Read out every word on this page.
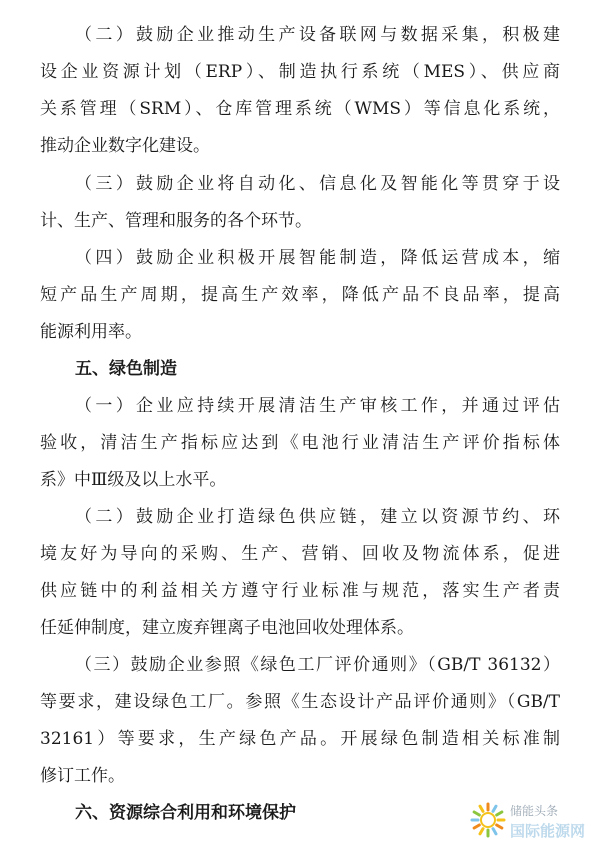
（二）鼓励企业推动生产设备联网与数据采集，积极建
设企业资源计划（ERP）、制造执行系统（MES）、供应商
关系管理（SRM）、仓库管理系统（WMS）等信息化系统，
推动企业数字化建设。
（三）鼓励企业将自动化、信息化及智能化等贯穿于设
计、生产、管理和服务的各个环节。
（四）鼓励企业积极开展智能制造，降低运营成本，缩
短产品生产周期，提高生产效率，降低产品不良品率，提高
能源利用率。
五、绿色制造
（一）企业应持续开展清洁生产审核工作，并通过评估
验收，清洁生产指标应达到《电池行业清洁生产评价指标体
系》中Ⅲ级及以上水平。
（二）鼓励企业打造绿色供应链，建立以资源节约、环
境友好为导向的采购、生产、营销、回收及物流体系，促进
供应链中的利益相关方遵守行业标准与规范，落实生产者责
任延伸制度，建立废弃锂离子电池回收处理体系。
（三）鼓励企业参照《绿色工厂评价通则》（GB/T 36132）
等要求，建设绿色工厂。参照《生态设计产品评价通则》（GB/T
32161）等要求，生产绿色产品。开展绿色制造相关标准制
修订工作。
六、资源综合利用和环境保护	储能头条
国际能源网
